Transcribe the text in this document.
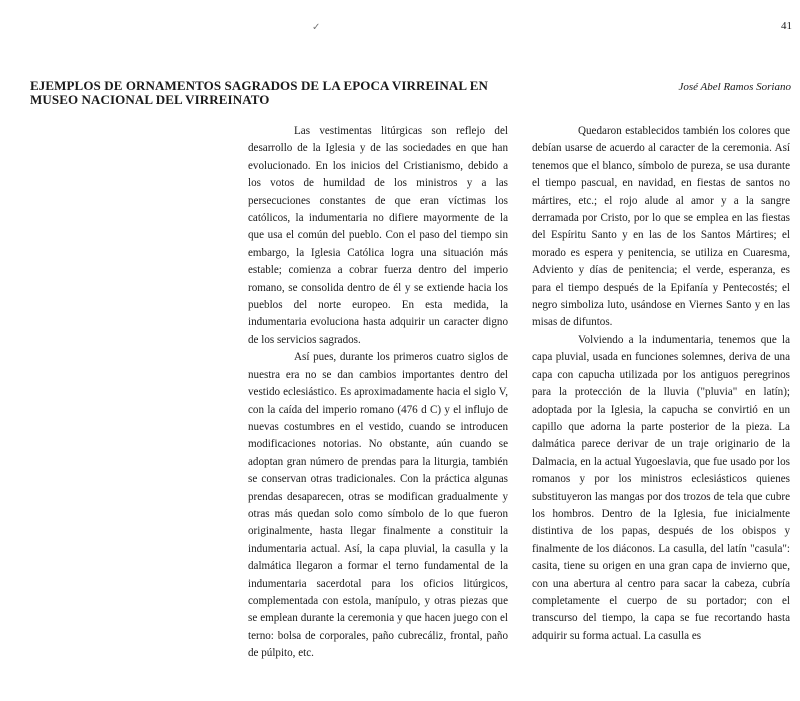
✓	41
EJEMPLOS DE ORNAMENTOS SAGRADOS DE LA EPOCA VIRREINAL EN
MUSEO NACIONAL DEL VIRREINATO
José Abel Ramos Soriano

Las vestimentas litúrgicas son reflejo del desarrollo de la Iglesia y de las sociedades en que han evolucionado. En los inicios del Cristianismo, debido a los votos de humildad de los ministros y a las persecuciones constantes de que eran víctimas los católicos, la indumentaria no difiere mayormente de la que usa el común del pueblo. Con el paso del tiempo sin embargo, la Iglesia Católica logra una situación más estable; comienza a cobrar fuerza dentro del imperio romano, se consolida dentro de él y se extiende hacia los pueblos del norte europeo. En esta medida, la indumentaria evoluciona hasta adquirir un caracter digno de los servicios sagrados.

Así pues, durante los primeros cuatro siglos de nuestra era no se dan cambios importantes dentro del vestido eclesiástico. Es aproximadamente hacia el siglo V, con la caída del imperio romano (476 d C) y el influjo de nuevas costumbres en el vestido, cuando se introducen modificaciones notorias. No obstante, aún cuando se adoptan gran número de prendas para la liturgia, también se conservan otras tradicionales. Con la práctica algunas prendas desaparecen, otras se modifican gradualmente y otras más quedan solo como símbolo de lo que fueron originalmente, hasta llegar finalmente a constituir la indumentaria actual. Así, la capa pluvial, la casulla y la dalmática llegaron a formar el terno fundamental de la indumentaria sacerdotal para los oficios litúrgicos, complementada con estola, manípulo, y otras piezas que se emplean durante la ceremonia y que hacen juego con el terno: bolsa de corporales, paño cubrecáliz, frontal, paño de púlpito, etc.

Quedaron establecidos también los colores que debían usarse de acuerdo al caracter de la ceremonia. Así tenemos que el blanco, símbolo de pureza, se usa durante el tiempo pascual, en navidad, en fiestas de santos no mártires, etc.; el rojo alude al amor y a la sangre derramada por Cristo, por lo que se emplea en las fiestas del Espíritu Santo y en las de los Santos Mártires; el morado es espera y penitencia, se utiliza en Cuaresma, Adviento y días de penitencia; el verde, esperanza, es para el tiempo después de la Epifanía y Pentecostés; el negro simboliza luto, usándose en Viernes Santo y en las misas de difuntos.

Volviendo a la indumentaria, tenemos que la capa pluvial, usada en funciones solemnes, deriva de una capa con capucha utilizada por los antiguos peregrinos para la protección de la lluvia ("pluvia" en latín); adoptada por la Iglesia, la capucha se convirtió en un capillo que adorna la parte posterior de la pieza. La dalmática parece derivar de un traje originario de la Dalmacia, en la actual Yugoeslavia, que fue usado por los romanos y por los ministros eclesiásticos quienes substituyeron las mangas por dos trozos de tela que cubre los hombros. Dentro de la Iglesia, fue inicialmente distintiva de los papas, después de los obispos y finalmente de los diáconos. La casulla, del latín "casula": casita, tiene su origen en una gran capa de invierno que, con una abertura al centro para sacar la cabeza, cubría completamente el cuerpo de su portador; con el transcurso del tiempo, la capa se fue recortando hasta adquirir su forma actual. La casulla es
